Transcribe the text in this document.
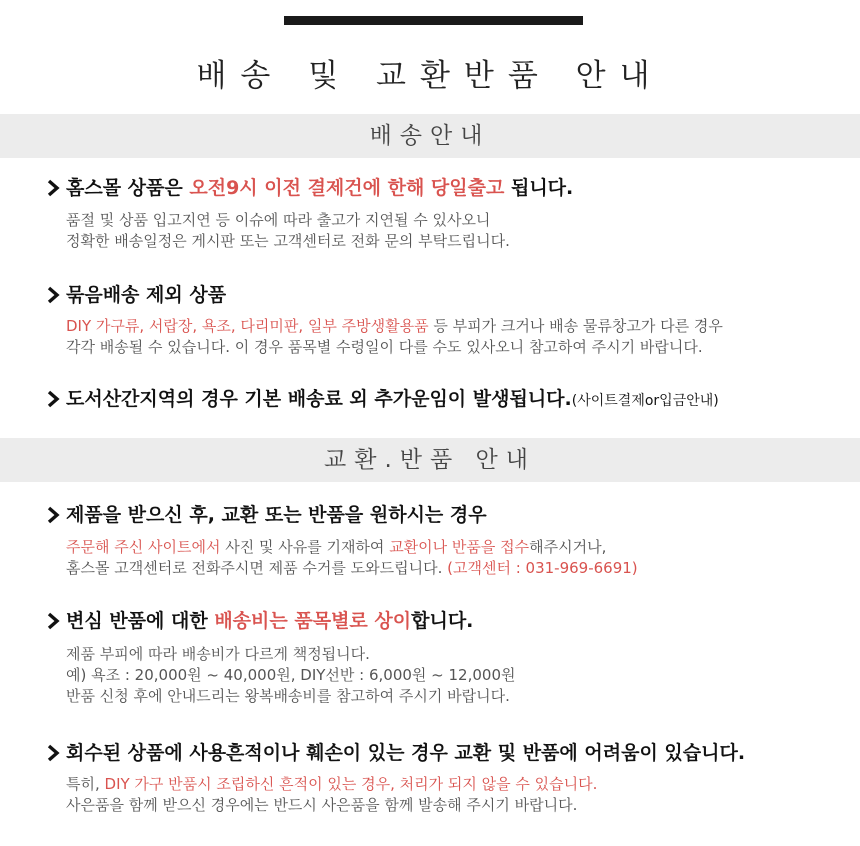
배송 및 교환반품 안내
배송안내
홈스몰 상품은 오전9시 이전 결제건에 한해 당일출고 됩니다.
품절 및 상품 입고지연 등 이슈에 따라 출고가 지연될 수 있사오니
정확한 배송일정은 게시판 또는 고객센터로 전화 문의 부탁드립니다.
묶음배송 제외 상품
DIY 가구류, 서랍장, 욕조, 다리미판, 일부 주방생활용품 등 부피가 크거나 배송 물류창고가 다른 경우
각각 배송될 수 있습니다. 이 경우 품목별 수령일이 다를 수도 있사오니 참고하여 주시기 바랍니다.
도서산간지역의 경우 기본 배송료 외 추가운임이 발생됩니다.(사이트결제or입금안내)
교환.반품 안내
제품을 받으신 후, 교환 또는 반품을 원하시는 경우
주문해 주신 사이트에서 사진 및 사유를 기재하여 교환이나 반품을 접수해주시거나,
홈스몰 고객센터로 전화주시면 제품 수거를 도와드립니다. (고객센터 : 031-969-6691)
변심 반품에 대한 배송비는 품목별로 상이합니다.
제품 부피에 따라 배송비가 다르게 책정됩니다.
예) 욕조 : 20,000원 ~ 40,000원, DIY선반 : 6,000원 ~ 12,000원
반품 신청 후에 안내드리는 왕복배송비를 참고하여 주시기 바랍니다.
회수된 상품에 사용흔적이나 훼손이 있는 경우 교환 및 반품에 어려움이 있습니다.
특히, DIY 가구 반품시 조립하신 흔적이 있는 경우, 처리가 되지 않을 수 있습니다.
사은품을 함께 받으신 경우에는 반드시 사은품을 함께 발송해 주시기 바랍니다.
